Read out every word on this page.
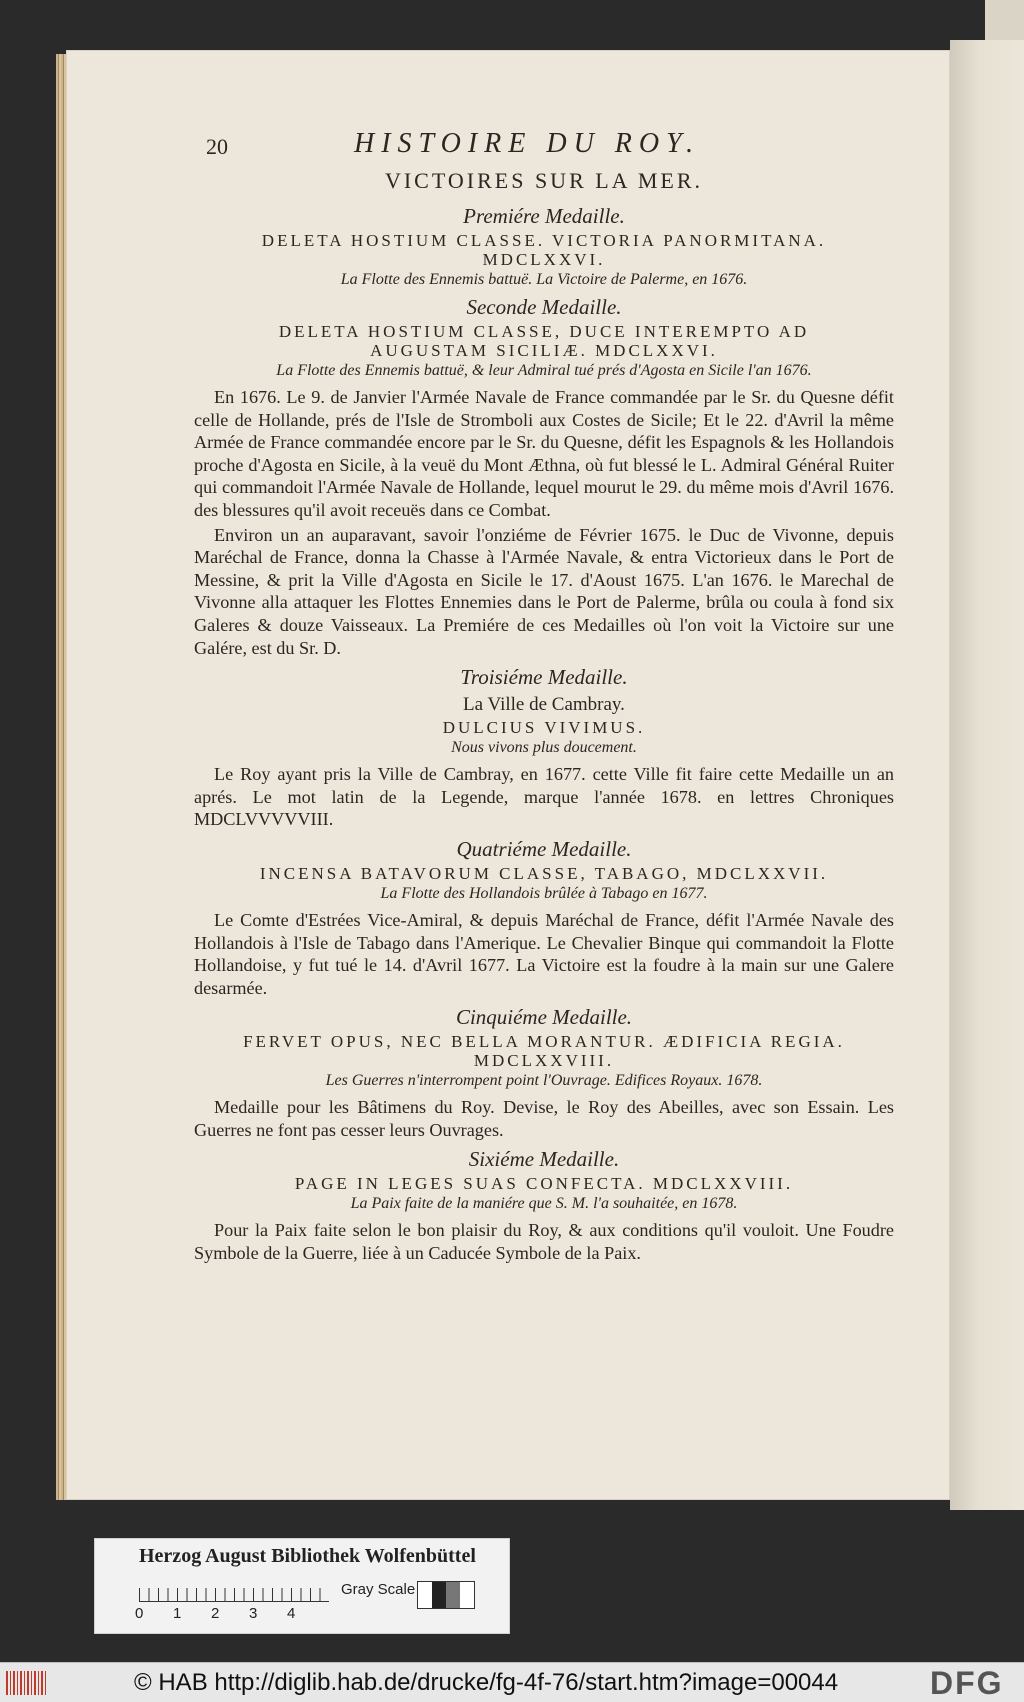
20	HISTOIRE DU ROY.
VICTOIRES SUR LA MER.
Premiére Medaille.

DELETA HOSTIUM CLASSE. VICTORIA PANORMITANA.

MDCLXXVI.

La Flotte des Ennemis battuë. La Victoire de Palerme, en 1676.
Seconde Medaille.

DELETA HOSTIUM CLASSE, DUCE INTEREMPTO AD

AUGUSTAM SICILIÆ. MDCLXXVI.

La Flotte des Ennemis battuë, & leur Admiral tué prés d'Agosta en Sicile l'an 1676.

En 1676. Le 9. de Janvier l'Armée Navale de France commandée par le Sr. du Quesne défit celle de Hollande, prés de l'Isle de Stromboli aux Costes de Sicile; Et le 22. d'Avril la même Armée de France commandée encore par le Sr. du Quesne, défit les Espagnols & les Hollandois proche d'Agosta en Sicile, à la veuë du Mont Æthna, où fut blessé le L. Admiral Général Ruiter qui commandoit l'Armée Navale de Hollande, lequel mourut le 29. du même mois d'Avril 1676. des blessures qu'il avoit receuës dans ce Combat.

Environ un an auparavant, savoir l'onziéme de Février 1675. le Duc de Vivonne, depuis Maréchal de France, donna la Chasse à l'Armée Navale, & entra Victorieux dans le Port de Messine, & prit la Ville d'Agosta en Sicile le 17. d'Aoust 1675. L'an 1676. le Marechal de Vivonne alla attaquer les Flottes Ennemies dans le Port de Palerme, brûla ou coula à fond six Galeres & douze Vaisseaux. La Premiére de ces Medailles où l'on voit la Victoire sur une Galére, est du Sr. D.

Troisiéme Medaille.
La Ville de Cambray.

DULCIUS VIVIMUS.

Nous vivons plus doucement.

Le Roy ayant pris la Ville de Cambray, en 1677. cette Ville fit faire cette Medaille un an aprés. Le mot latin de la Legende, marque l'année 1678. en lettres Chroniques MDCLVVVVVIII.

Quatriéme Medaille.

INCENSA BATAVORUM CLASSE, TABAGO, MDCLXXVII.

La Flotte des Hollandois brûlée à Tabago en 1677.

Le Comte d'Estrées Vice-Amiral, & depuis Maréchal de France, défit l'Armée Navale des Hollandois à l'Isle de Tabago dans l'Amerique. Le Chevalier Binque qui commandoit la Flotte Hollandoise, y fut tué le 14. d'Avril 1677. La Victoire est la foudre à la main sur une Galere desarmée.

Cinquiéme Medaille.

FERVET OPUS, NEC BELLA MORANTUR. ÆDIFICIA REGIA.

MDCLXXVIII.

Les Guerres n'interrompent point l'Ouvrage. Edifices Royaux. 1678.

Medaille pour les Bâtimens du Roy. Devise, le Roy des Abeilles, avec son Essain. Les Guerres ne font pas cesser leurs Ouvrages.

Sixiéme Medaille.

PAGE IN LEGES SUAS CONFECTA. MDCLXXVIII.

La Paix faite de la maniére que S. M. l'a souhaitée, en 1678.

Pour la Paix faite selon le bon plaisir du Roy, & aux conditions qu'il vouloit. Une Foudre Symbole de la Guerre, liée à un Caducée Symbole de la Paix.

Herzog August Bibliothek Wolfenbüttel
0 1 2 3 4
Gray Scale
© HAB http://diglib.hab.de/drucke/fg-4f-76/start.htm?image=00044	DFG
